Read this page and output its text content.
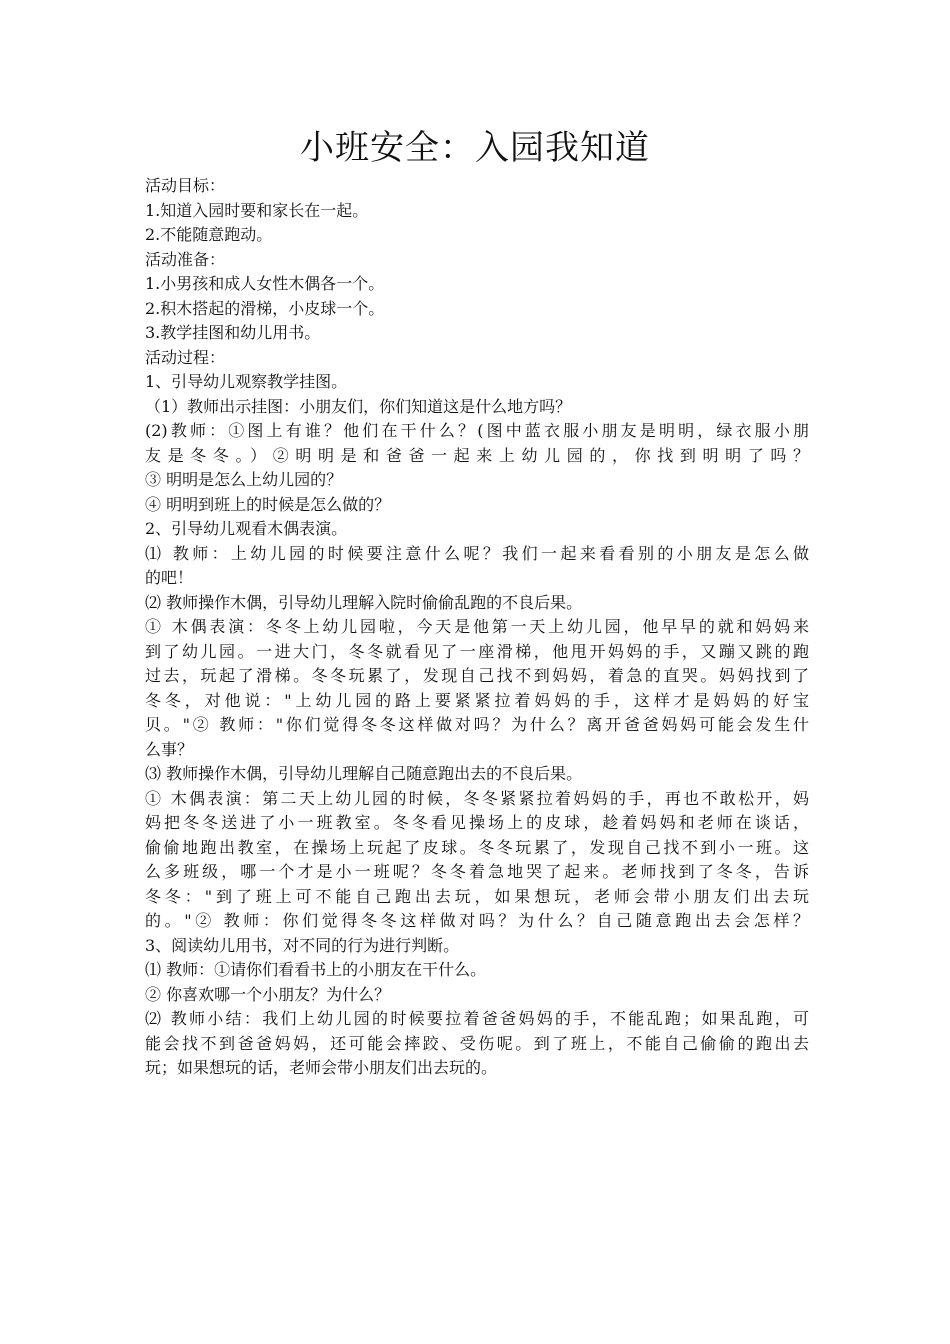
小班安全：入园我知道

活动目标：

1.知道入园时要和家长在一起。

2.不能随意跑动。

活动准备：

1.小男孩和成人女性木偶各一个。

2.积木搭起的滑梯，小皮球一个。

3.教学挂图和幼儿用书。

活动过程：

1、引导幼儿观察教学挂图。

（1）教师出示挂图：小朋友们，你们知道这是什么地方吗？

(2)教师：①图上有谁？他们在干什么？(图中蓝衣服小朋友是明明，绿衣服小朋

友是冬冬。）②明明是和爸爸一起来上幼儿园的，你找到明明了吗？

③ 明明是怎么上幼儿园的？

④ 明明到班上的时候是怎么做的？

2、引导幼儿观看木偶表演。

⑴ 教师：上幼儿园的时候要注意什么呢？我们一起来看看别的小朋友是怎么做

的吧！

⑵ 教师操作木偶，引导幼儿理解入院时偷偷乱跑的不良后果。

① 木偶表演：冬冬上幼儿园啦，今天是他第一天上幼儿园，他早早的就和妈妈来

到了幼儿园。一进大门，冬冬就看见了一座滑梯，他甩开妈妈的手，又蹦又跳的跑

过去，玩起了滑梯。冬冬玩累了，发现自己找不到妈妈，着急的直哭。妈妈找到了

冬冬，对他说："上幼儿园的路上要紧紧拉着妈妈的手，这样才是妈妈的好宝

贝。"② 教师："你们觉得冬冬这样做对吗？为什么？离开爸爸妈妈可能会发生什

么事？

⑶ 教师操作木偶，引导幼儿理解自己随意跑出去的不良后果。

① 木偶表演：第二天上幼儿园的时候，冬冬紧紧拉着妈妈的手，再也不敢松开，妈

妈把冬冬送进了小一班教室。冬冬看见操场上的皮球，趁着妈妈和老师在谈话，

偷偷地跑出教室，在操场上玩起了皮球。冬冬玩累了，发现自己找不到小一班。这

么多班级，哪一个才是小一班呢？冬冬着急地哭了起来。老师找到了冬冬，告诉

冬冬："到了班上可不能自己跑出去玩，如果想玩，老师会带小朋友们出去玩

的。"② 教师：你们觉得冬冬这样做对吗？为什么？自己随意跑出去会怎样？

3、阅读幼儿用书，对不同的行为进行判断。

⑴ 教师：①请你们看看书上的小朋友在干什么。

② 你喜欢哪一个小朋友？为什么？

⑵ 教师小结：我们上幼儿园的时候要拉着爸爸妈妈的手，不能乱跑；如果乱跑，可

能会找不到爸爸妈妈，还可能会摔跤、受伤呢。到了班上，不能自己偷偷的跑出去

玩；如果想玩的话，老师会带小朋友们出去玩的。
